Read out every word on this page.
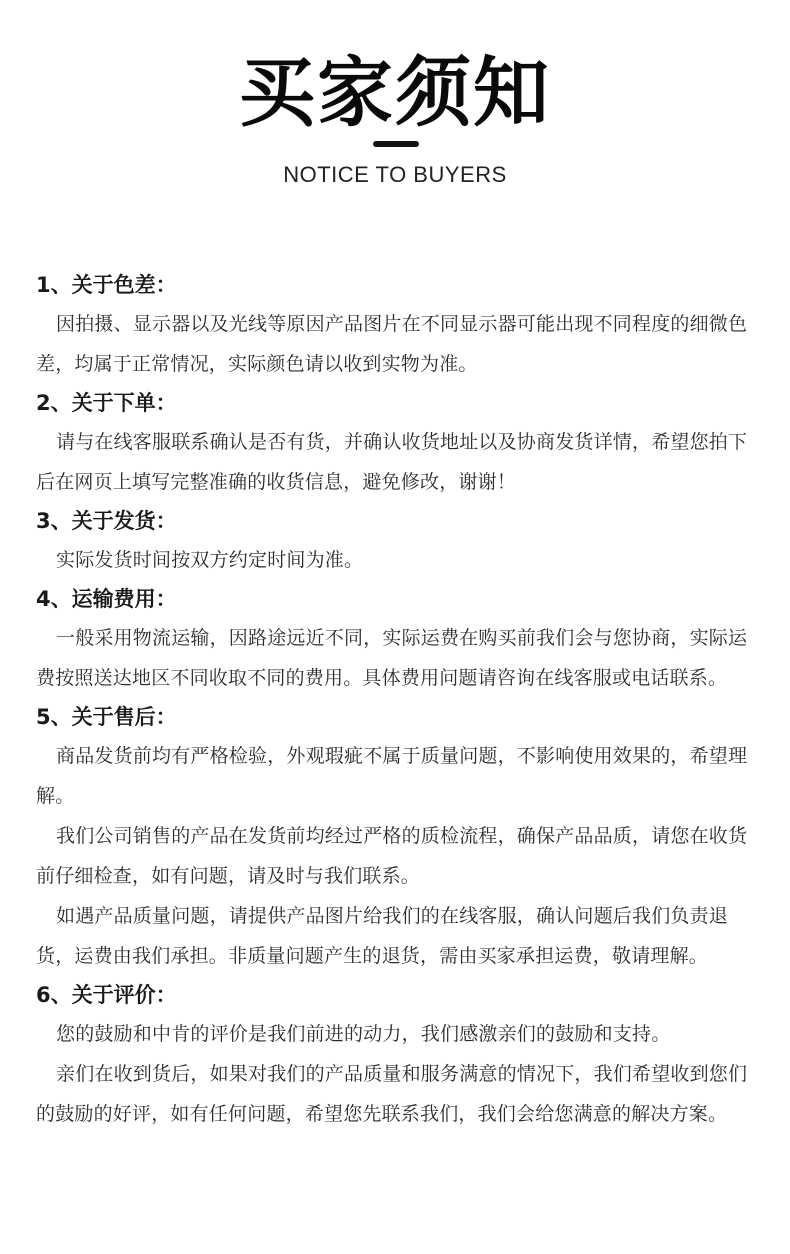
买家须知
NOTICE TO BUYERS
1、关于色差：
因拍摄、显示器以及光线等原因产品图片在不同显示器可能出现不同程度的细微色差，均属于正常情况，实际颜色请以收到实物为准。
2、关于下单：
请与在线客服联系确认是否有货，并确认收货地址以及协商发货详情，希望您拍下后在网页上填写完整准确的收货信息，避免修改，谢谢！
3、关于发货：
实际发货时间按双方约定时间为准。
4、运输费用：
一般采用物流运输，因路途远近不同，实际运费在购买前我们会与您协商，实际运费按照送达地区不同收取不同的费用。具体费用问题请咨询在线客服或电话联系。
5、关于售后：
商品发货前均有严格检验，外观瑕疵不属于质量问题，不影响使用效果的，希望理解。
我们公司销售的产品在发货前均经过严格的质检流程，确保产品品质，请您在收货前仔细检查，如有问题，请及时与我们联系。
如遇产品质量问题，请提供产品图片给我们的在线客服，确认问题后我们负责退货，运费由我们承担。非质量问题产生的退货，需由买家承担运费，敬请理解。
6、关于评价：
您的鼓励和中肯的评价是我们前进的动力，我们感激亲们的鼓励和支持。
亲们在收到货后，如果对我们的产品质量和服务满意的情况下，我们希望收到您们的鼓励的好评，如有任何问题，希望您先联系我们，我们会给您满意的解决方案。
